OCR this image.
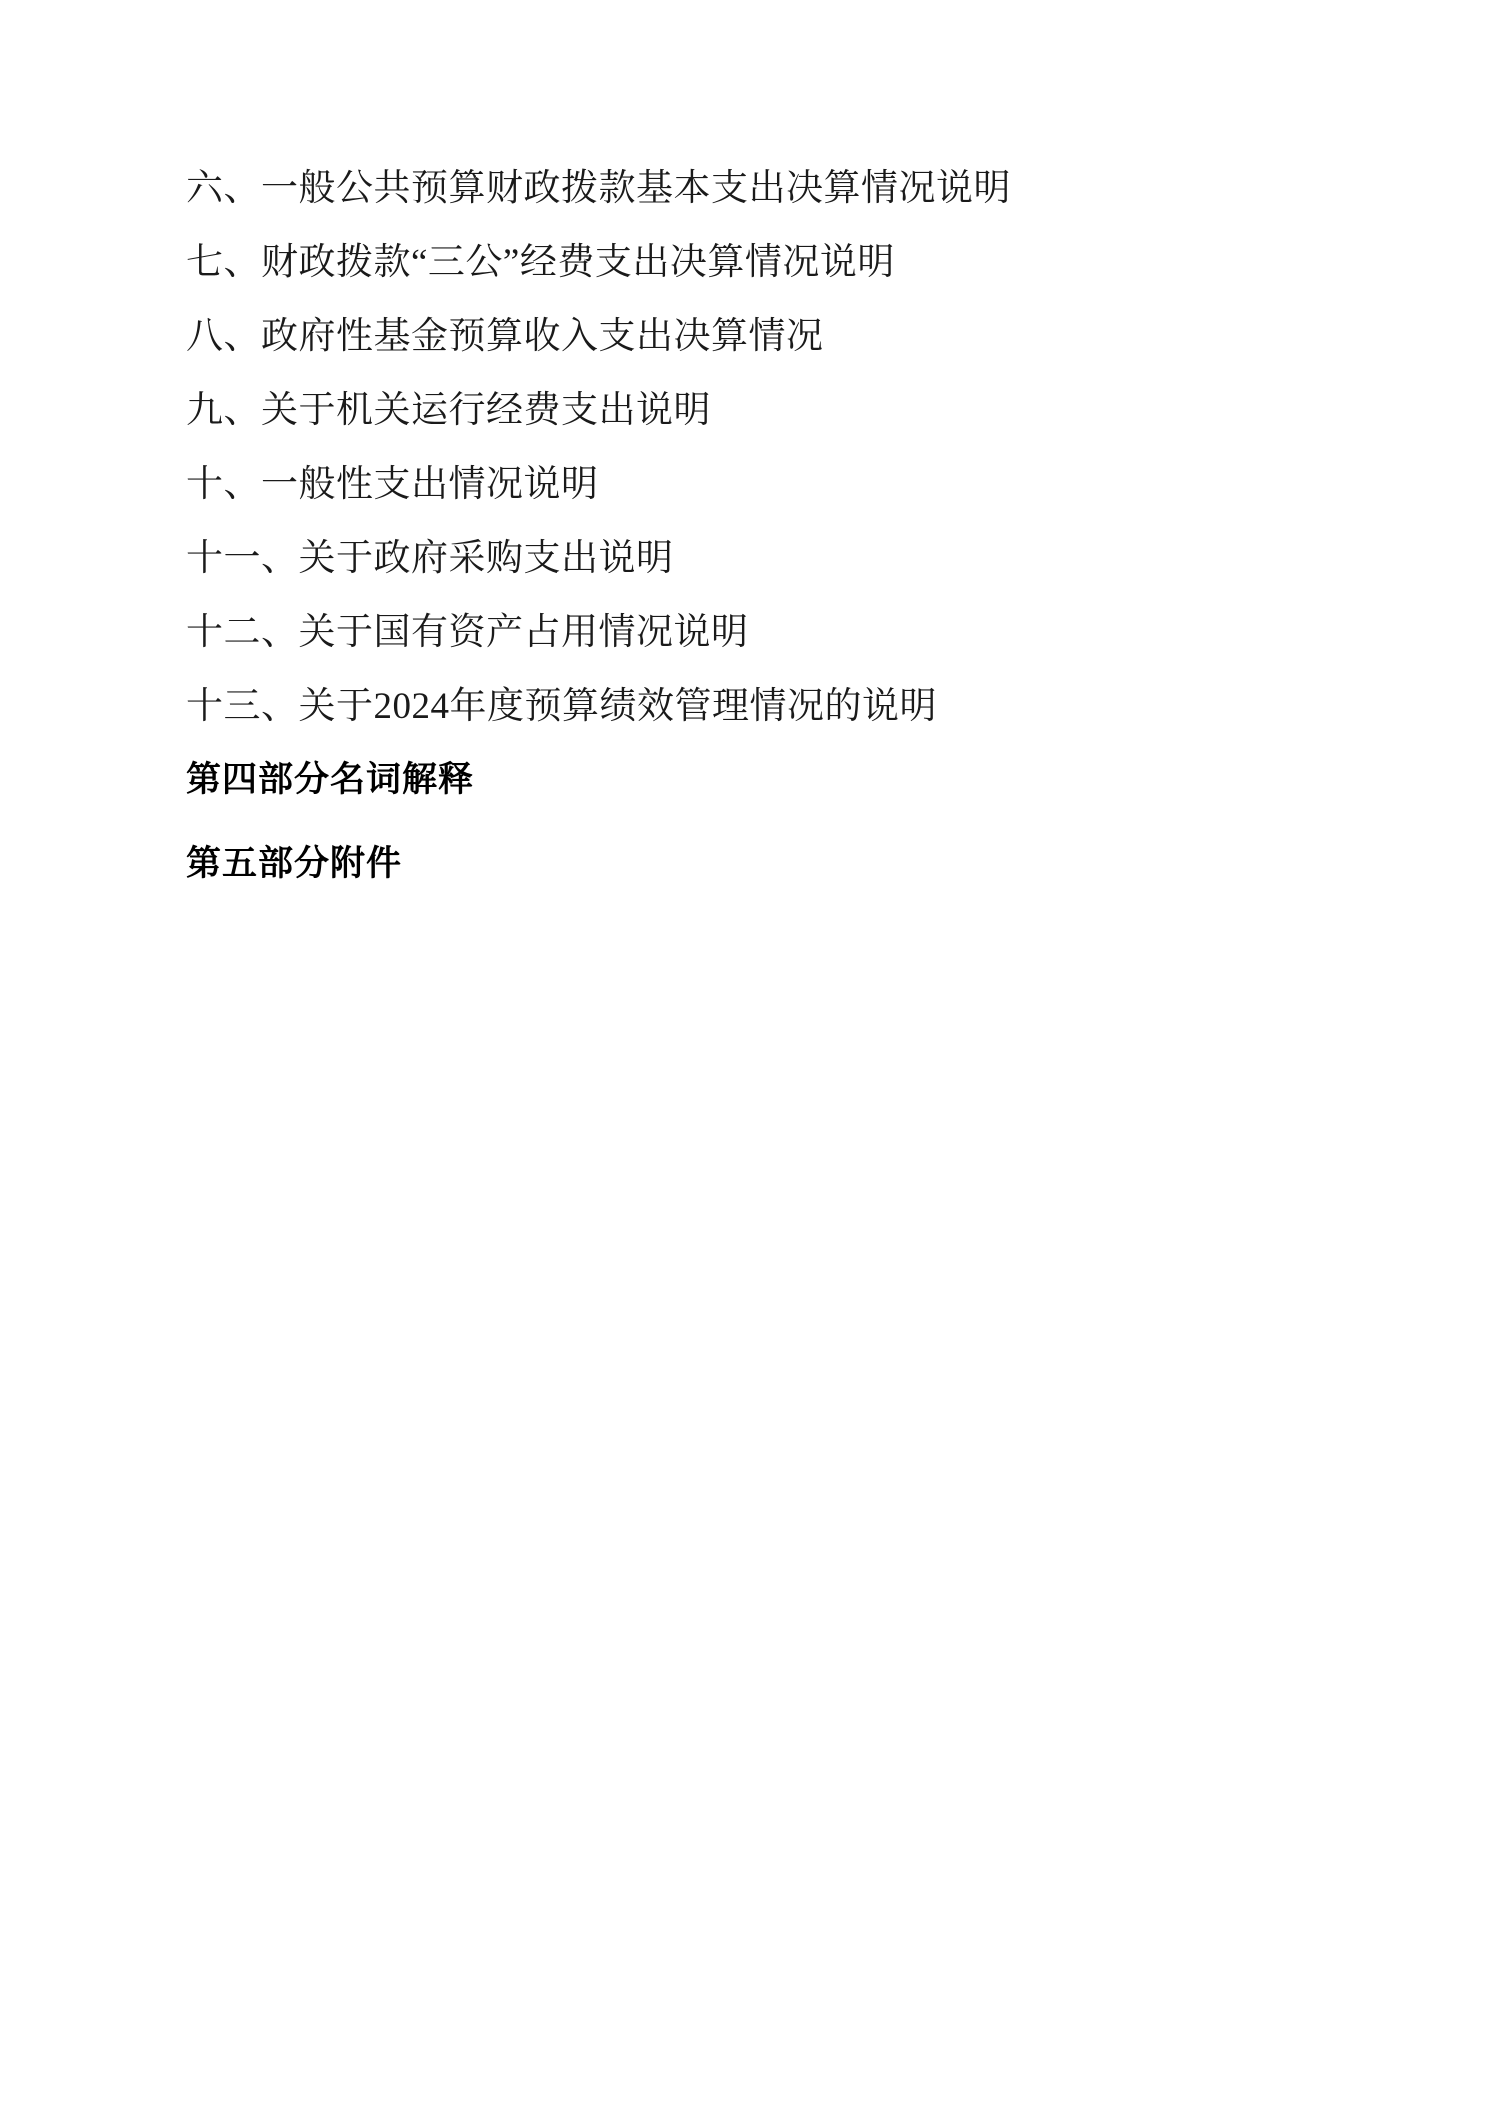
六、一般公共预算财政拨款基本支出决算情况说明

七、财政拨款“三公”经费支出决算情况说明

八、政府性基金预算收入支出决算情况

九、关于机关运行经费支出说明

十、一般性支出情况说明

十一、关于政府采购支出说明

十二、关于国有资产占用情况说明

十三、关于2024年度预算绩效管理情况的说明

第四部分名词解释

第五部分附件
